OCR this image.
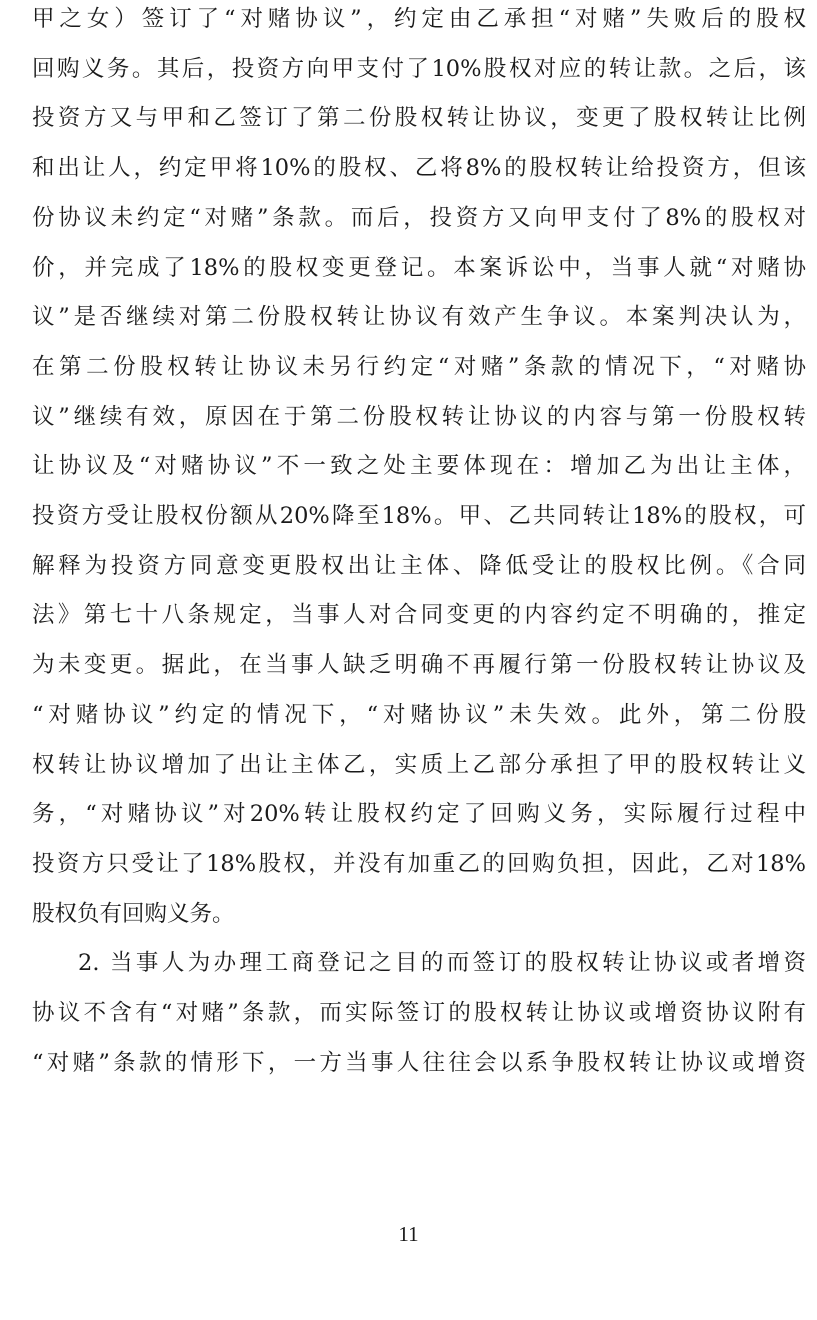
甲之女）签订了“对赌协议”，约定由乙承担“对赌”失败后的股权
回购义务。其后，投资方向甲支付了10%股权对应的转让款。之后，该
投资方又与甲和乙签订了第二份股权转让协议，变更了股权转让比例
和出让人，约定甲将10%的股权、乙将8%的股权转让给投资方，但该
份协议未约定“对赌”条款。而后，投资方又向甲支付了8%的股权对
价，并完成了18%的股权变更登记。本案诉讼中，当事人就“对赌协
议”是否继续对第二份股权转让协议有效产生争议。本案判决认为，
在第二份股权转让协议未另行约定“对赌”条款的情况下，“对赌协
议”继续有效，原因在于第二份股权转让协议的内容与第一份股权转
让协议及“对赌协议”不一致之处主要体现在：增加乙为出让主体，
投资方受让股权份额从20%降至18%。甲、乙共同转让18%的股权，可
解释为投资方同意变更股权出让主体、降低受让的股权比例。《合同
法》第七十八条规定，当事人对合同变更的内容约定不明确的，推定
为未变更。据此，在当事人缺乏明确不再履行第一份股权转让协议及
“对赌协议”约定的情况下，“对赌协议”未失效。此外，第二份股
权转让协议增加了出让主体乙，实质上乙部分承担了甲的股权转让义
务，“对赌协议”对20%转让股权约定了回购义务，实际履行过程中
投资方只受让了18%股权，并没有加重乙的回购负担，因此，乙对18%
股权负有回购义务。
2. 当事人为办理工商登记之目的而签订的股权转让协议或者增资
协议不含有“对赌”条款，而实际签订的股权转让协议或增资协议附有
“对赌”条款的情形下，一方当事人往往会以系争股权转让协议或增资
11
